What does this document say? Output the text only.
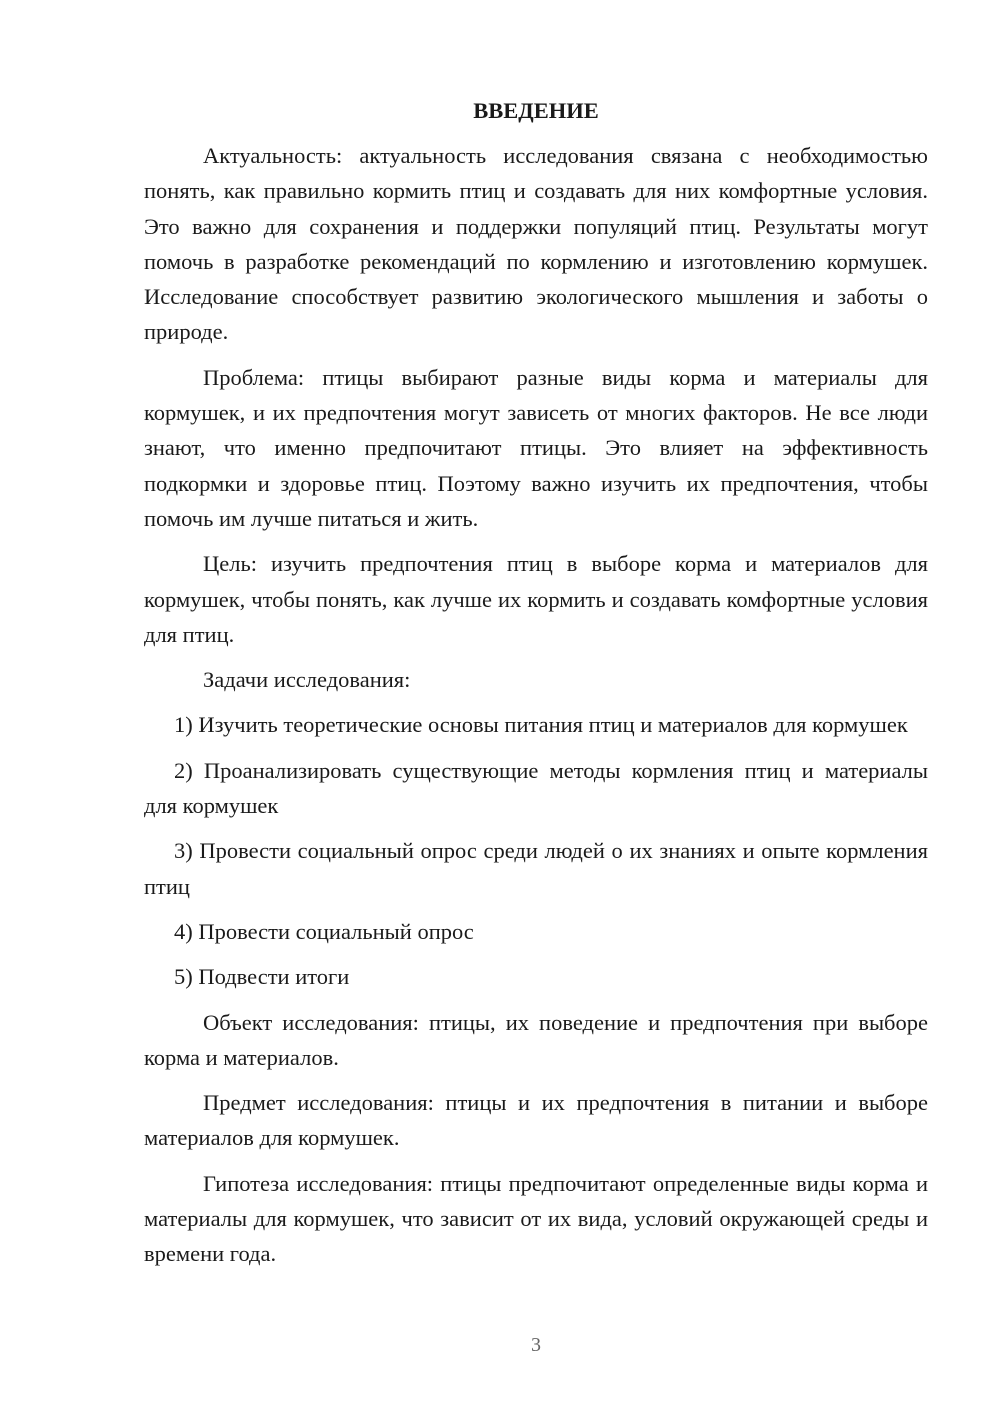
ВВЕДЕНИЕ

Актуальность: актуальность исследования связана с необходимостью понять, как правильно кормить птиц и создавать для них комфортные условия. Это важно для сохранения и поддержки популяций птиц. Результаты могут помочь в разработке рекомендаций по кормлению и изготовлению кормушек. Исследование способствует развитию экологического мышления и заботы о природе.

Проблема: птицы выбирают разные виды корма и материалы для кормушек, и их предпочтения могут зависеть от многих факторов. Не все люди знают, что именно предпочитают птицы. Это влияет на эффективность подкормки и здоровье птиц. Поэтому важно изучить их предпочтения, чтобы помочь им лучше питаться и жить.

Цель: изучить предпочтения птиц в выборе корма и материалов для кормушек, чтобы понять, как лучше их кормить и создавать комфортные условия для птиц.

Задачи исследования:

1) Изучить теоретические основы питания птиц и материалов для кормушек

2) Проанализировать существующие методы кормления птиц и материалы для кормушек

3) Провести социальный опрос среди людей о их знаниях и опыте кормления птиц

4) Провести социальный опрос

5) Подвести итоги

Объект исследования: птицы, их поведение и предпочтения при выборе корма и материалов.

Предмет исследования: птицы и их предпочтения в питании и выборе материалов для кормушек.

Гипотеза исследования: птицы предпочитают определенные виды корма и материалы для кормушек, что зависит от их вида, условий окружающей среды и времени года.

3
